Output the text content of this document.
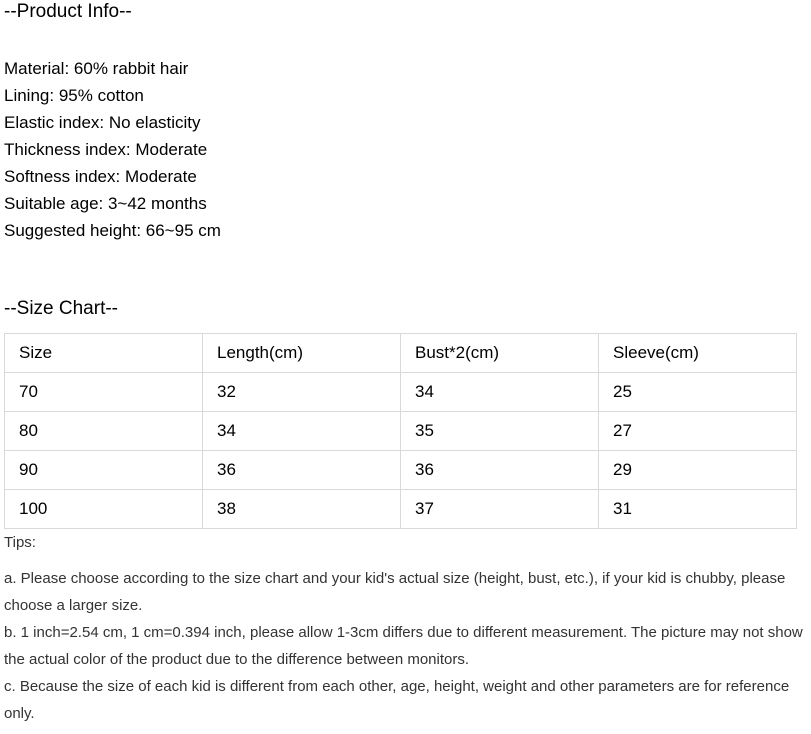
--Product Info--
Material: 60% rabbit hair
Lining: 95% cotton
Elastic index: No elasticity
Thickness index: Moderate
Softness index: Moderate
Suitable age: 3~42 months
Suggested height: 66~95 cm
--Size Chart--
Size	Length(cm)	Bust*2(cm)	Sleeve(cm)
70	32	34	25
80	34	35	27
90	36	36	29
100	38	37	31
Tips:

a. Please choose according to the size chart and your kid's actual size (height, bust, etc.), if your kid is chubby, please choose a larger size.

b. 1 inch=2.54 cm, 1 cm=0.394 inch, please allow 1-3cm differs due to different measurement. The picture may not show the actual color of the product due to the difference between monitors.

c. Because the size of each kid is different from each other, age, height, weight and other parameters are for reference only.
